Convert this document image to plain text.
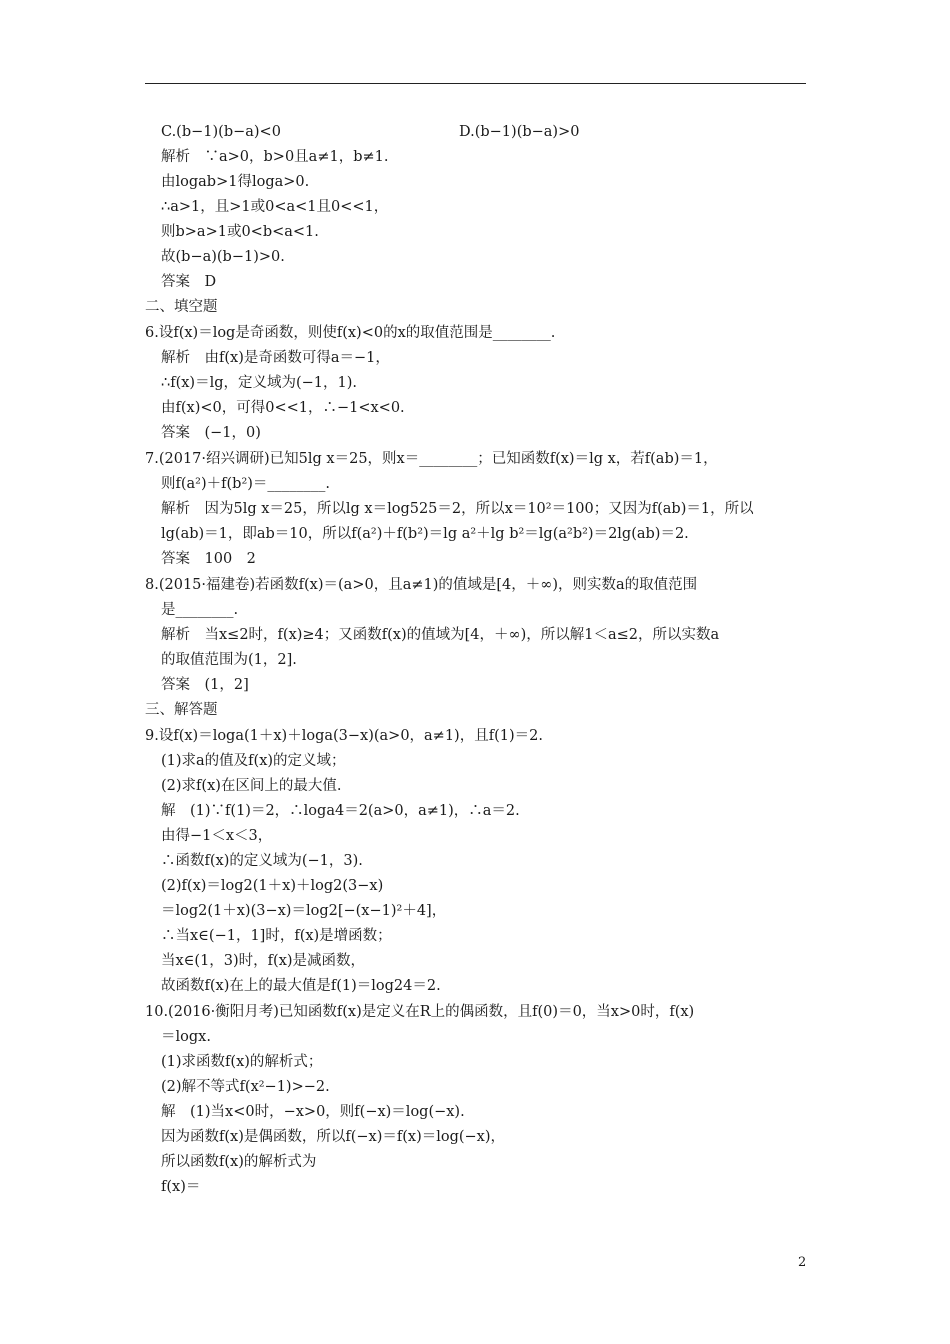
C.(b−1)(b−a)<0	D.(b−1)(b−a)>0
解析　∵a>0，b>0且a≠1，b≠1.
由logab>1得loga>0.
∴a>1，且>1或0<a<1且0<<1，
则b>a>1或0<b<a<1.
故(b−a)(b−1)>0.
答案　D
二、填空题
6.设f(x)＝log是奇函数，则使f(x)<0的x的取值范围是________.
解析　由f(x)是奇函数可得a＝−1，
∴f(x)＝lg，定义域为(−1，1).
由f(x)<0，可得0<<1，∴−1<x<0.
答案　(−1，0)
7.(2017·绍兴调研)已知5lg x＝25，则x＝________；已知函数f(x)＝lg x，若f(ab)＝1，
则f(a²)＋f(b²)＝________.
解析　因为5lg x＝25，所以lg x＝log525＝2，所以x＝10²＝100；又因为f(ab)＝1，所以
lg(ab)＝1，即ab＝10，所以f(a²)＋f(b²)＝lg a²＋lg b²＝lg(a²b²)＝2lg(ab)＝2.
答案　100　2
8.(2015·福建卷)若函数f(x)＝(a>0，且a≠1)的值域是[4，＋∞)，则实数a的取值范围
是________.
解析　当x≤2时，f(x)≥4；又函数f(x)的值域为[4，＋∞)，所以解1＜a≤2，所以实数a
的取值范围为(1，2].
答案　(1，2]
三、解答题
9.设f(x)＝loga(1＋x)＋loga(3−x)(a>0，a≠1)，且f(1)＝2.
(1)求a的值及f(x)的定义域；
(2)求f(x)在区间上的最大值.
解　(1)∵f(1)＝2，∴loga4＝2(a>0，a≠1)，∴a＝2.
由得−1＜x＜3，
∴函数f(x)的定义域为(−1，3).
(2)f(x)＝log2(1＋x)＋log2(3−x)
＝log2(1＋x)(3−x)＝log2[−(x−1)²＋4]，
∴当x∈(−1，1]时，f(x)是增函数；
当x∈(1，3)时，f(x)是减函数，
故函数f(x)在上的最大值是f(1)＝log24＝2.
10.(2016·衡阳月考)已知函数f(x)是定义在R上的偶函数，且f(0)＝0，当x>0时，f(x)
＝logx.
(1)求函数f(x)的解析式；
(2)解不等式f(x²−1)>−2.
解　(1)当x<0时，−x>0，则f(−x)＝log(−x).
因为函数f(x)是偶函数，所以f(−x)＝f(x)＝log(−x)，
所以函数f(x)的解析式为
f(x)＝
2
